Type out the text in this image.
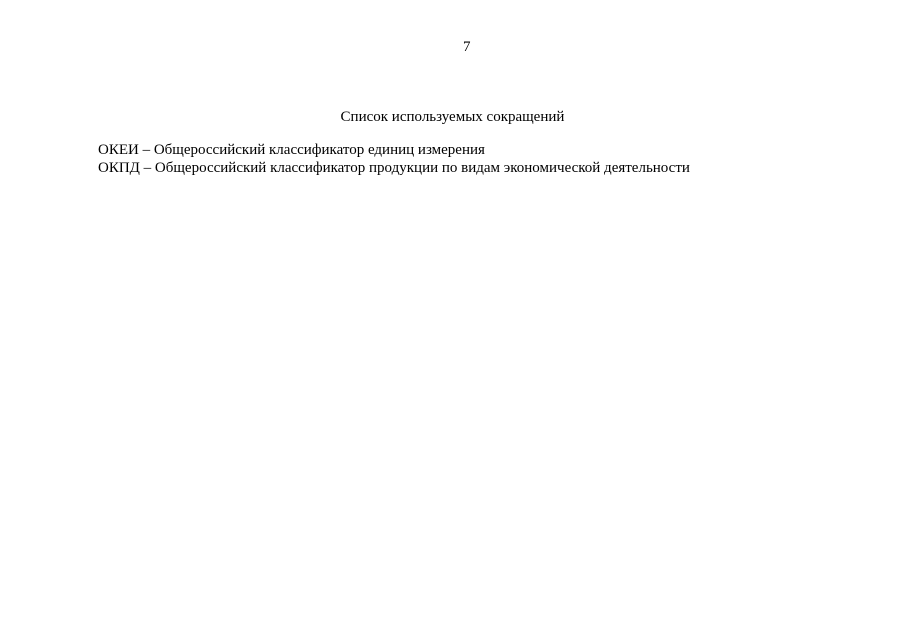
7
Список используемых сокращений
ОКЕИ – Общероссийский классификатор единиц измерения
ОКПД – Общероссийский классификатор продукции по видам экономической деятельности
